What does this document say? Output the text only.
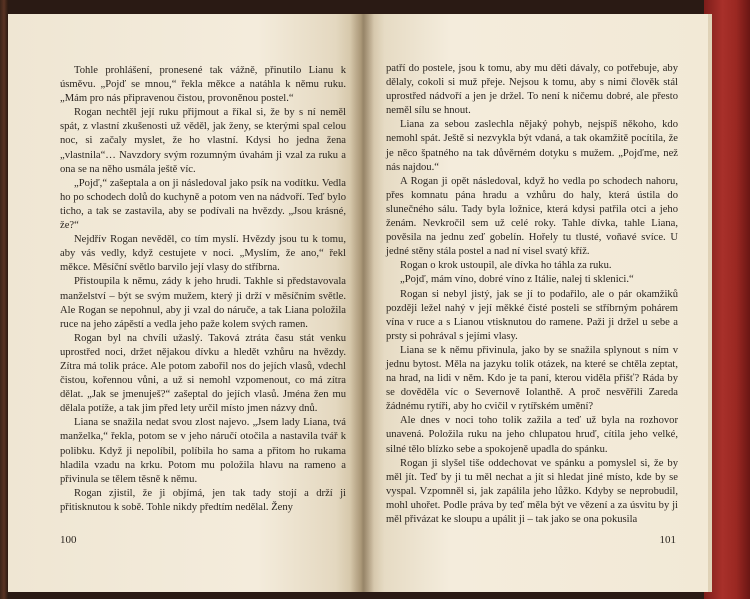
Tohle prohlášení, pronesené tak vážně, přinutilo Lianu k úsměvu. „Pojď se mnou,“ řekla měkce a natáhla k němu ruku. „Mám pro nás připravenou čistou, provoněnou postel.“

Rogan nechtěl její ruku přijmout a říkal si, že by s ní neměl spát, z vlastní zkušenosti už věděl, jak ženy, se kterými spal celou noc, si začaly myslet, že ho vlastní. Kdysi ho jedna žena „vlastnila“… Navzdory svým rozumným úvahám ji vzal za ruku a ona se na něho usmála ještě víc.

„Pojď,“ zašeptala a on ji následoval jako psík na vodítku. Vedla ho po schodech dolů do kuchyně a potom ven na nádvoří. Teď bylo ticho, a tak se zastavila, aby se podívali na hvězdy. „Jsou krásné, že?“

Nejdřív Rogan nevěděl, co tím myslí. Hvězdy jsou tu k tomu, aby vás vedly, když cestujete v noci. „Myslím, že ano,“ řekl měkce. Měsíční světlo barvilo její vlasy do stříbrna.

Přistoupila k němu, zády k jeho hrudi. Takhle si představovala manželství – být se svým mužem, který ji drží v měsíčním světle. Ale Rogan se nepohnul, aby ji vzal do náruče, a tak Liana položila ruce na jeho zápěstí a vedla jeho paže kolem svých ramen.

Rogan byl na chvíli užaslý. Taková ztráta času stát venku uprostřed noci, držet nějakou dívku a hledět vzhůru na hvězdy. Zítra má tolik práce. Ale potom zabořil nos do jejích vlasů, vdechl čistou, kořennou vůni, a už si nemohl vzpomenout, co má zítra dělat. „Jak se jmenuješ?“ zašeptal do jejích vlasů. Jména žen mu dělala potíže, a tak jim před lety určil místo jmen názvy dnů.

Liana se snažila nedat svou zlost najevo. „Jsem lady Liana, tvá manželka,“ řekla, potom se v jeho náručí otočila a nastavila tvář k polibku. Když ji nepolíbil, políbila ho sama a přitom ho rukama hladila vzadu na krku. Potom mu položila hlavu na rameno a přivinula se tělem těsně k němu.

Rogan zjistil, že ji objímá, jen tak tady stojí a drží ji přitisknutou k sobě. Tohle nikdy předtím nedělal. Ženy

100

patří do postele, jsou k tomu, aby mu děti dávaly, co potřebuje, aby dělaly, cokoli si muž přeje. Nejsou k tomu, aby s nimi člověk stál uprostřed nádvoří a jen je držel. To není k ničemu dobré, ale přesto neměl sílu se hnout.

Liana za sebou zaslechla nějaký pohyb, nejspíš někoho, kdo nemohl spát. Ještě si nezvykla být vdaná, a tak okamžitě pocítila, že je něco špatného na tak důvěrném dotyku s mužem. „Pojďme, než nás najdou.“

A Rogan ji opět následoval, když ho vedla po schodech nahoru, přes komnatu pána hradu a vzhůru do haly, která ústila do slunečného sálu. Tady byla ložnice, která kdysi patřila otci a jeho ženám. Nevkročil sem už celé roky. Tahle dívka, tahle Liana, pověsila na jednu zeď gobelín. Hořely tu tlusté, voňavé svíce. U jedné stěny stála postel a nad ní visel svatý kříž.

Rogan o krok ustoupil, ale dívka ho táhla za ruku.

„Pojď, mám víno, dobré víno z Itálie, nalej ti sklenici.“

Rogan si nebyl jistý, jak se jí to podařilo, ale o pár okamžiků později ležel nahý v její měkké čisté posteli se stříbrným pohárem vína v ruce a s Lianou vtisknutou do ramene. Paži ji držel u sebe a prsty si pohrával s jejími vlasy.

Liana se k němu přivinula, jako by se snažila splynout s ním v jednu bytost. Měla na jazyku tolik otázek, na které se chtěla zeptat, na hrad, na lidi v něm. Kdo je ta paní, kterou viděla přišť? Ráda by se dověděla víc o Severnově Iolanthě. A proč nesvěřili Zareda žádnému rytíři, aby ho cvičil v rytířském umění?

Ale dnes v noci toho tolik zažila a teď už byla na rozhovor unavená. Položila ruku na jeho chlupatou hruď, cítila jeho velké, silné tělo blízko sebe a spokojeně upadla do spánku.

Rogan ji slyšel tiše oddechovat ve spánku a pomyslel si, že by měl jít. Teď by ji tu měl nechat a jít si hledat jiné místo, kde by se vyspal. Vzpomněl si, jak zapálila jeho lůžko. Kdyby se neprobudil, mohl uhořet. Podle práva by teď měla být ve vězení a za úsvitu by ji měl přivázat ke sloupu a upálit ji – tak jako se ona pokusila

101
